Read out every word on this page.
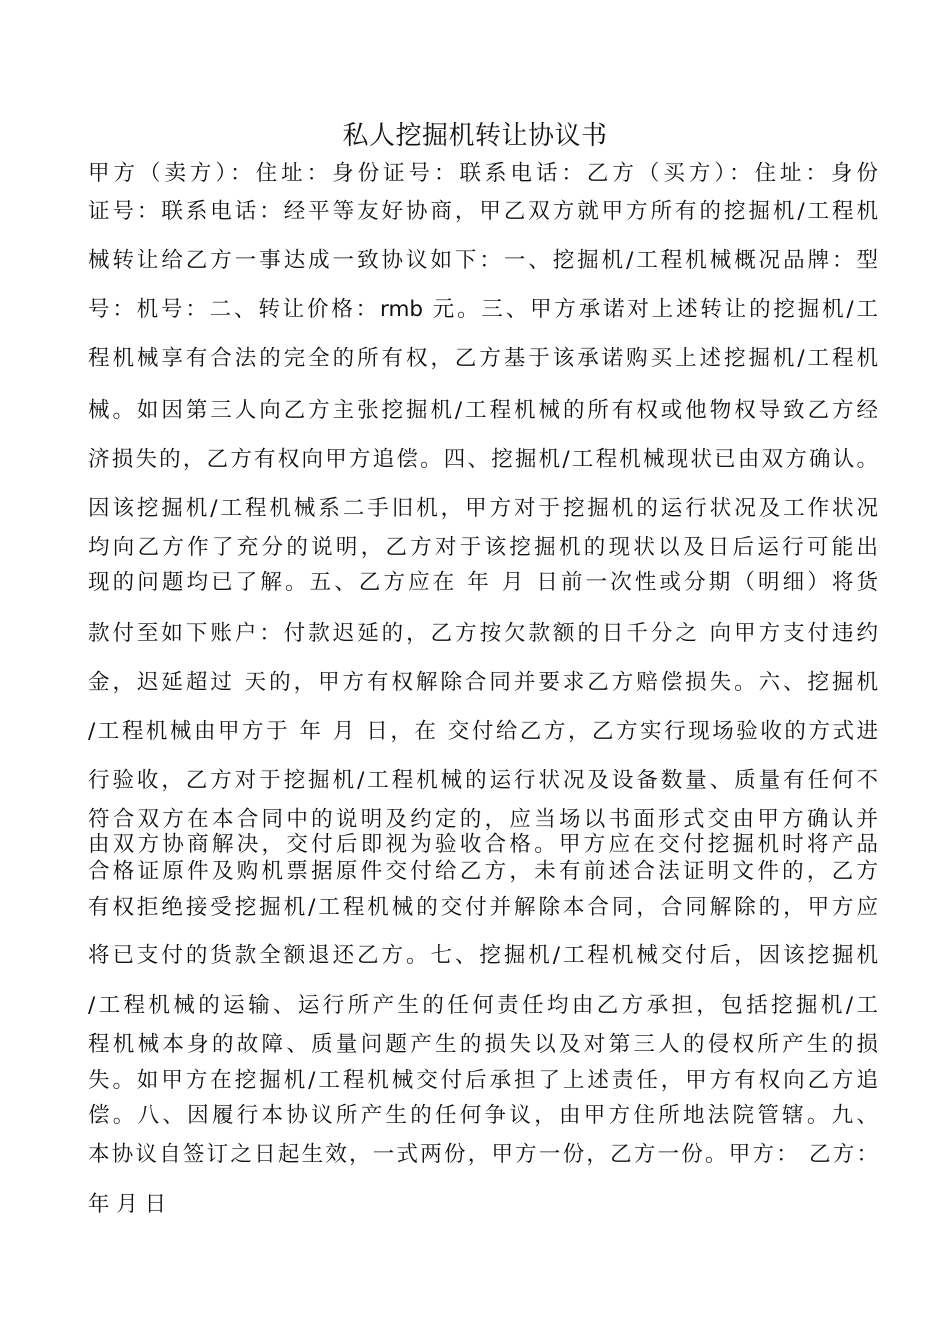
私人挖掘机转让协议书
甲方（卖方）：住址：身份证号：联系电话：乙方（买方）：住址：身份
证号：联系电话：经平等友好协商，甲乙双方就甲方所有的挖掘机/工程机
械转让给乙方一事达成一致协议如下：一、挖掘机/工程机械概况品牌：型
号：机号：二、转让价格：rmb 元。三、甲方承诺对上述转让的挖掘机/工
程机械享有合法的完全的所有权，乙方基于该承诺购买上述挖掘机/工程机
械。如因第三人向乙方主张挖掘机/工程机械的所有权或他物权导致乙方经
济损失的，乙方有权向甲方追偿。四、挖掘机/工程机械现状已由双方确认。
因该挖掘机/工程机械系二手旧机，甲方对于挖掘机的运行状况及工作状况
均向乙方作了充分的说明，乙方对于该挖掘机的现状以及日后运行可能出
现的问题均已了解。五、乙方应在 年 月 日前一次性或分期（明细）将货
款付至如下账户：付款迟延的，乙方按欠款额的日千分之 向甲方支付违约
金，迟延超过 天的，甲方有权解除合同并要求乙方赔偿损失。六、挖掘机
/工程机械由甲方于 年 月 日，在 交付给乙方，乙方实行现场验收的方式进
行验收，乙方对于挖掘机/工程机械的运行状况及设备数量、质量有任何不
符合双方在本合同中的说明及约定的，应当场以书面形式交由甲方确认并
由双方协商解决，交付后即视为验收合格。甲方应在交付挖掘机时将产品
合格证原件及购机票据原件交付给乙方，未有前述合法证明文件的，乙方
有权拒绝接受挖掘机/工程机械的交付并解除本合同，合同解除的，甲方应
将已支付的货款全额退还乙方。七、挖掘机/工程机械交付后，因该挖掘机
/工程机械的运输、运行所产生的任何责任均由乙方承担，包括挖掘机/工
程机械本身的故障、质量问题产生的损失以及对第三人的侵权所产生的损
失。如甲方在挖掘机/工程机械交付后承担了上述责任，甲方有权向乙方追
偿。八、因履行本协议所产生的任何争议，由甲方住所地法院管辖。九、
本协议自签订之日起生效，一式两份，甲方一份，乙方一份。甲方： 乙方：
年 月 日
